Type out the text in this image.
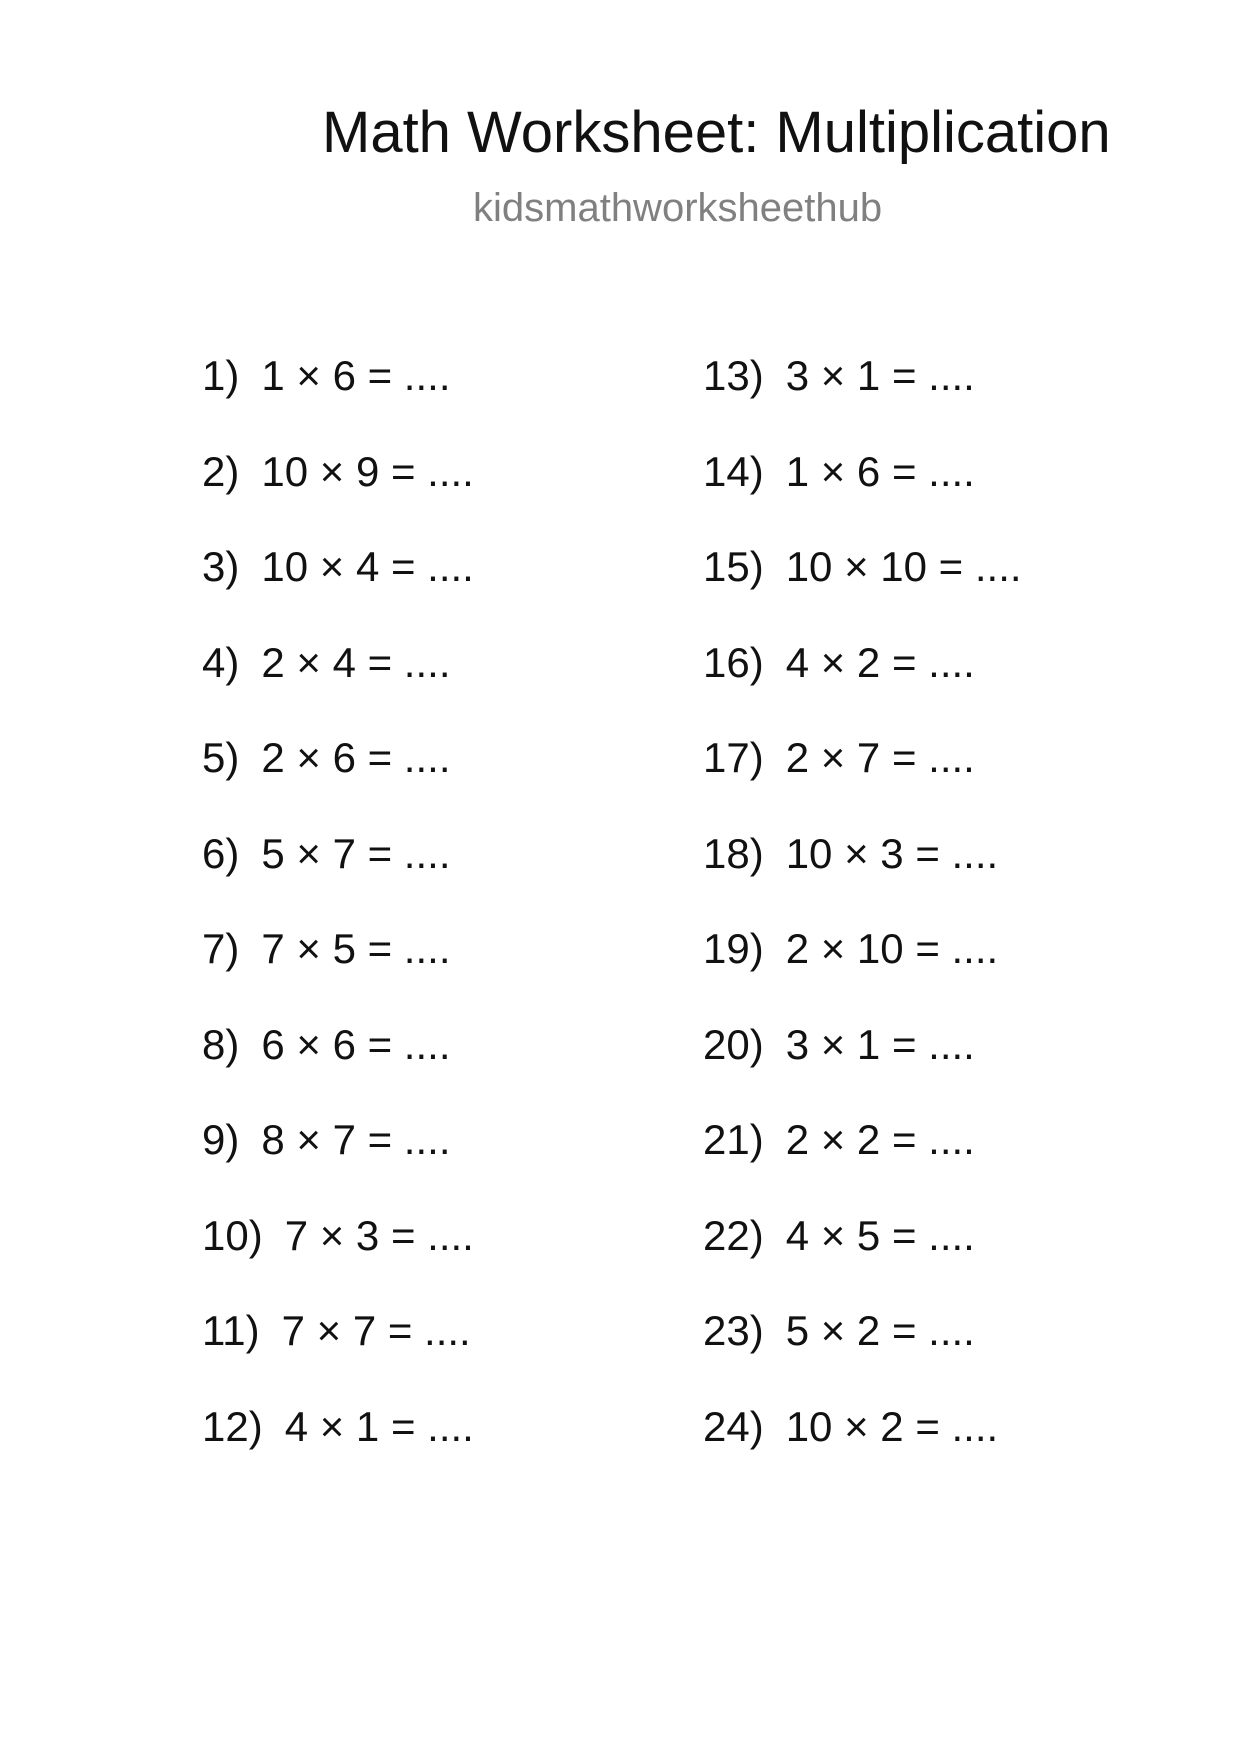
Math Worksheet: Multiplication
kidsmathworksheethub
1) 1 × 6 = ....
2) 10 × 9 = ....
3) 10 × 4 = ....
4) 2 × 4 = ....
5) 2 × 6 = ....
6) 5 × 7 = ....
7) 7 × 5 = ....
8) 6 × 6 = ....
9) 8 × 7 = ....
10) 7 × 3 = ....
11) 7 × 7 = ....
12) 4 × 1 = ....
13) 3 × 1 = ....
14) 1 × 6 = ....
15) 10 × 10 = ....
16) 4 × 2 = ....
17) 2 × 7 = ....
18) 10 × 3 = ....
19) 2 × 10 = ....
20) 3 × 1 = ....
21) 2 × 2 = ....
22) 4 × 5 = ....
23) 5 × 2 = ....
24) 10 × 2 = ....
